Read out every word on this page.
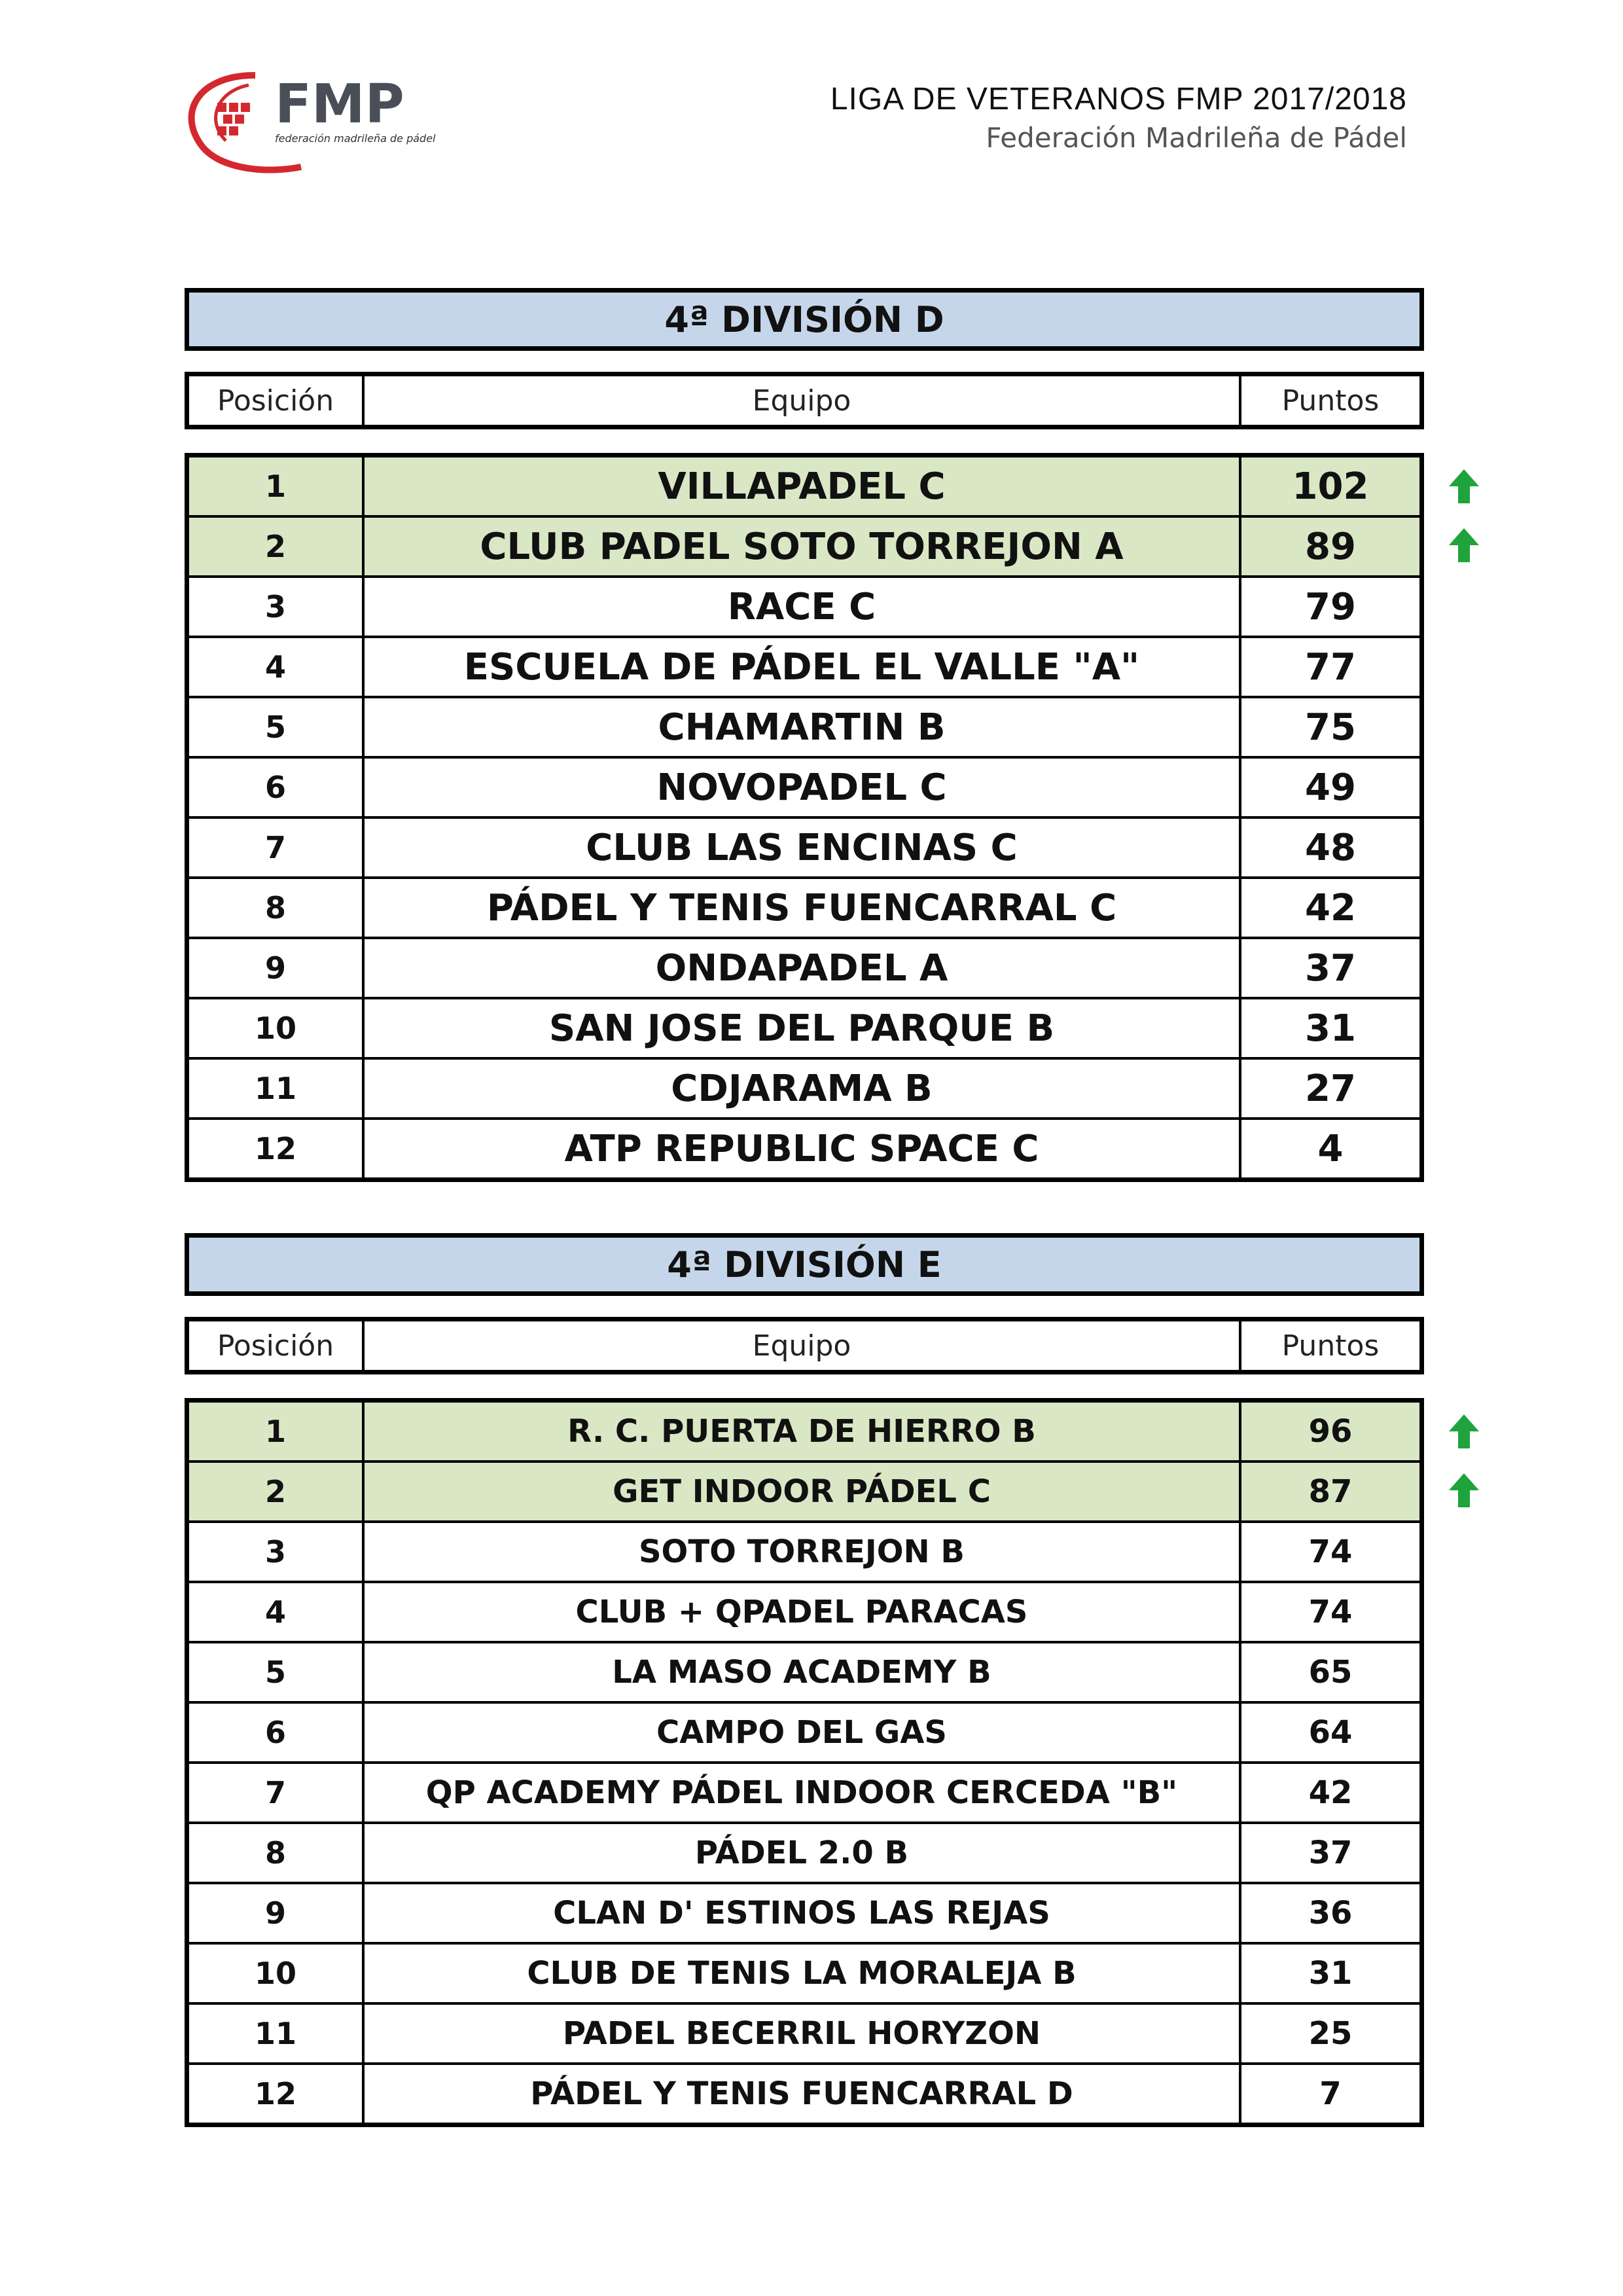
FMP
federación madrileña de pádel
LIGA DE VETERANOS FMP 2017/2018
Federación Madrileña de Pádel
4ª DIVISIÓN D
Posición	Equipo	Puntos
1	VILLAPADEL C	102
2	CLUB PADEL SOTO TORREJON A	89
3	RACE C	79
4	ESCUELA DE PÁDEL EL VALLE "A"	77
5	CHAMARTIN B	75
6	NOVOPADEL C	49
7	CLUB LAS ENCINAS C	48
8	PÁDEL Y TENIS FUENCARRAL C	42
9	ONDAPADEL A	37
10	SAN JOSE DEL PARQUE B	31
11	CDJARAMA B	27
12	ATP REPUBLIC SPACE C	4
4ª DIVISIÓN E
Posición	Equipo	Puntos
1	R. C. PUERTA DE HIERRO B	96
2	GET INDOOR PÁDEL C	87
3	SOTO TORREJON B	74
4	CLUB + QPADEL PARACAS	74
5	LA MASO ACADEMY B	65
6	CAMPO DEL GAS	64
7	QP ACADEMY PÁDEL INDOOR CERCEDA "B"	42
8	PÁDEL 2.0 B	37
9	CLAN D' ESTINOS LAS REJAS	36
10	CLUB DE TENIS LA MORALEJA B	31
11	PADEL BECERRIL HORYZON	25
12	PÁDEL Y TENIS FUENCARRAL D	7
